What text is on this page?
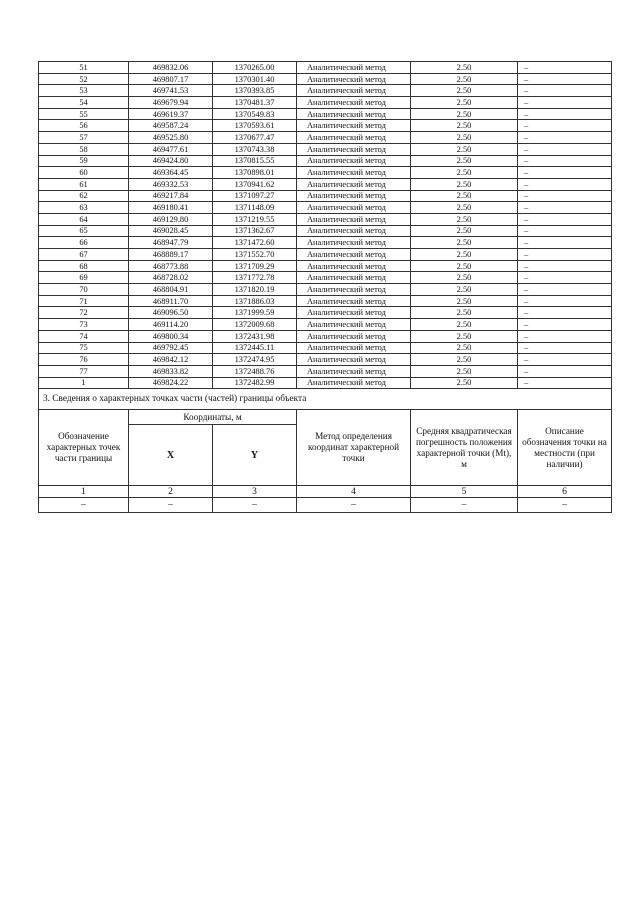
51	469832.06	1370265.00	Аналитический метод	2.50	–
52	469807.17	1370301.40	Аналитический метод	2.50	–
53	469741.53	1370393.85	Аналитический метод	2.50	–
54	469679.94	1370481.37	Аналитический метод	2.50	–
55	469619.37	1370549.83	Аналитический метод	2.50	–
56	469587.24	1370593.61	Аналитический метод	2.50	–
57	469525.80	1370677.47	Аналитический метод	2.50	–
58	469477.61	1370743.38	Аналитический метод	2.50	–
59	469424.80	1370815.55	Аналитический метод	2.50	–
60	469364.45	1370898.01	Аналитический метод	2.50	–
61	469332.53	1370941.62	Аналитический метод	2.50	–
62	469217.84	1371097.27	Аналитический метод	2.50	–
63	469180.41	1371148.09	Аналитический метод	2.50	–
64	469129.80	1371219.55	Аналитический метод	2.50	–
65	469028.45	1371362.67	Аналитический метод	2.50	–
66	468947.79	1371472.60	Аналитический метод	2.50	–
67	468889.17	1371552.70	Аналитический метод	2.50	–
68	468773.88	1371709.29	Аналитический метод	2.50	–
69	468728.02	1371772.78	Аналитический метод	2.50	–
70	468804.91	1371820.19	Аналитический метод	2.50	–
71	468911.70	1371886.03	Аналитический метод	2.50	–
72	469096.50	1371999.59	Аналитический метод	2.50	–
73	469114.20	1372009.68	Аналитический метод	2.50	–
74	469800.34	1372431.98	Аналитический метод	2.50	–
75	469792.45	1372445.11	Аналитический метод	2.50	–
76	469842.12	1372474.95	Аналитический метод	2.50	–
77	469833.82	1372488.76	Аналитический метод	2.50	–
1	469824.22	1372482.99	Аналитический метод	2.50	–
3. Сведения о характерных точках части (частей) границы объекта					
Обозначение характерных точек части границы	Координаты, м		Метод определения координат характерной точки	Средняя квадратическая погрешность положения характерной точки (Mt), м	Описание обозначения точки на местности (при наличии)
	X	Y			
1	2	3	4	5	6
–	–	–	–	–	–
